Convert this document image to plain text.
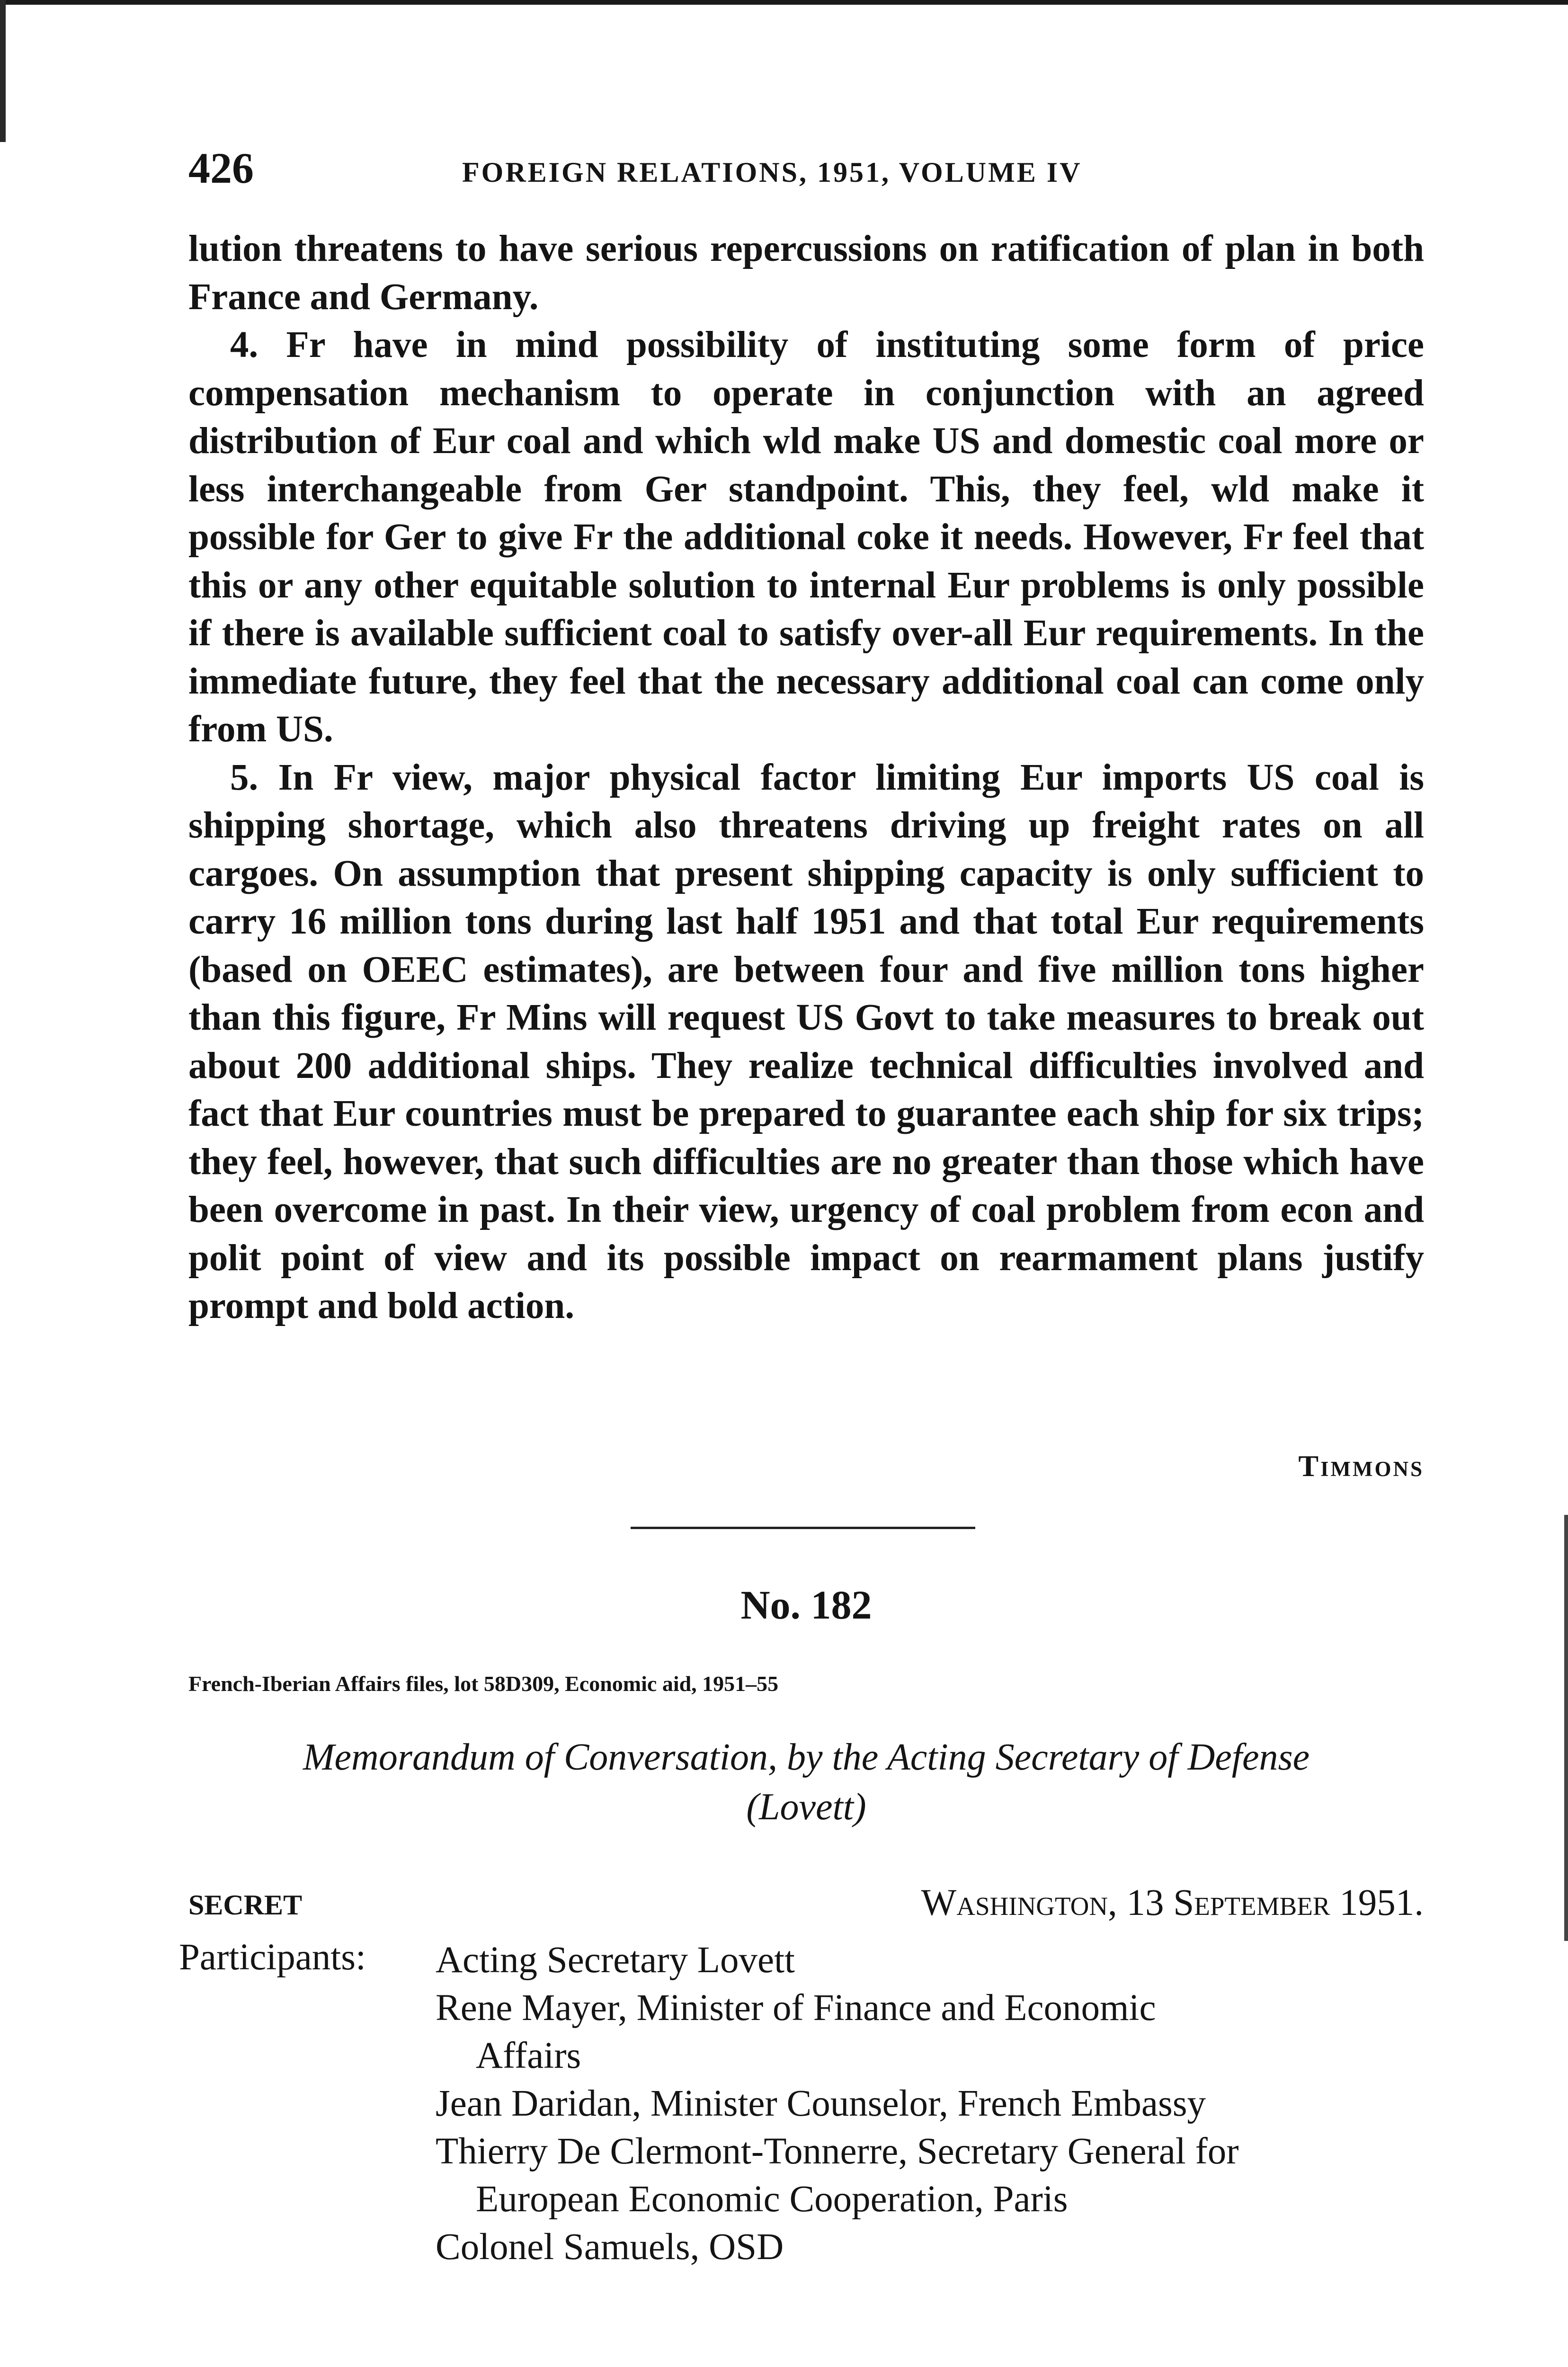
426	FOREIGN RELATIONS, 1951, VOLUME IV

lution threatens to have serious repercussions on ratification of plan in both France and Germany.

4. Fr have in mind possibility of instituting some form of price compensation mechanism to operate in conjunction with an agreed distribution of Eur coal and which wld make US and domestic coal more or less interchangeable from Ger standpoint. This, they feel, wld make it possible for Ger to give Fr the additional coke it needs. However, Fr feel that this or any other equitable solution to internal Eur problems is only possible if there is available sufficient coal to satisfy over-all Eur requirements. In the immediate future, they feel that the necessary additional coal can come only from US.

5. In Fr view, major physical factor limiting Eur imports US coal is shipping shortage, which also threatens driving up freight rates on all cargoes. On assumption that present shipping capacity is only sufficient to carry 16 million tons during last half 1951 and that total Eur requirements (based on OEEC estimates), are between four and five million tons higher than this figure, Fr Mins will request US Govt to take measures to break out about 200 additional ships. They realize technical difficulties involved and fact that Eur countries must be prepared to guarantee each ship for six trips; they feel, however, that such difficulties are no greater than those which have been overcome in past. In their view, urgency of coal problem from econ and polit point of view and its possible impact on rearmament plans justify prompt and bold action.

Timmons
No. 182
French-Iberian Affairs files, lot 58D309, Economic aid, 1951–55
Memorandum of Conversation, by the Acting Secretary of Defense
(Lovett)
SECRET	Washington, 13 September 1951.
Participants: Acting Secretary Lovett
Rene Mayer, Minister of Finance and Economic Affairs
Jean Daridan, Minister Counselor, French Embassy
Thierry De Clermont-Tonnerre, Secretary General for European Economic Cooperation, Paris
Colonel Samuels, OSD
